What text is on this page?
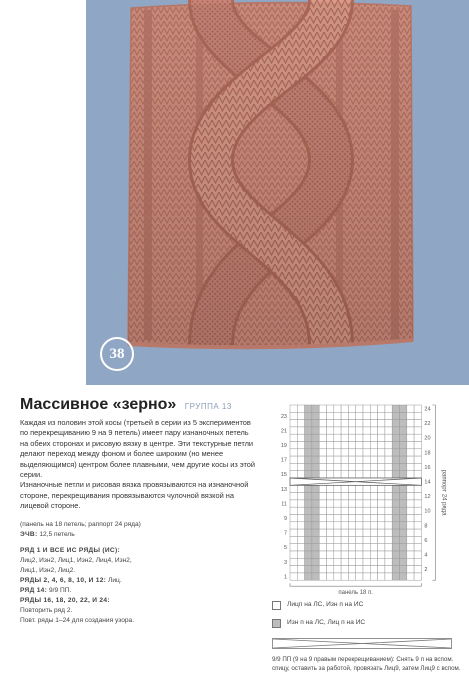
38
Массивное «зерно» ГРУППА 13

Каждая из половин этой косы (третьей в серии из 5 экспериментов по перекрещиванию 9 на 9 петель) имеет пару изнаночных петель на обеих сторонах и рисовую вязку в центре. Эти текстурные петли делают переход между фоном и более широким (но менее выделяющимся) центром более плавными, чем другие косы из этой серии.

Изнаночные петли и рисовая вязка провязываются на изнаночной стороне, перекрещивания провязываются чулочной вязкой на лицевой стороне.

(панель на 18 петель; раппорт 24 ряда)
ЭЧВ: 12,5 петель
РЯД 1 И ВСЕ ИС РЯДЫ (ИС):
Лиц2, Изн2, Лиц1, Изн2, Лиц4, Изн2,
Лиц1, Изн2, Лиц2.
РЯДЫ 2, 4, 6, 8, 10, И 12: Лиц.
РЯД 14: 9/9 ПП.
РЯДЫ 16, 18, 20, 22, И 24:
Повторить ряд 2.
Повт. ряды 1–24 для создания узора.
23
21
19
17
15
13
11
9
7
5
3
1
24
22
20
18
16
14
12
10
8
6
4
2
раппорт 24 ряда
панель 18 п.
Лицп на ЛС, Изн п на ИС
Изн п на ЛС, Лиц п на ИС
9/9 ПП (9 на 9 правым перекрещиванием): Снять 9 п на вспом. спицу, оставить за работой, провязать Лиц9, затем Лиц9 с вспом.
